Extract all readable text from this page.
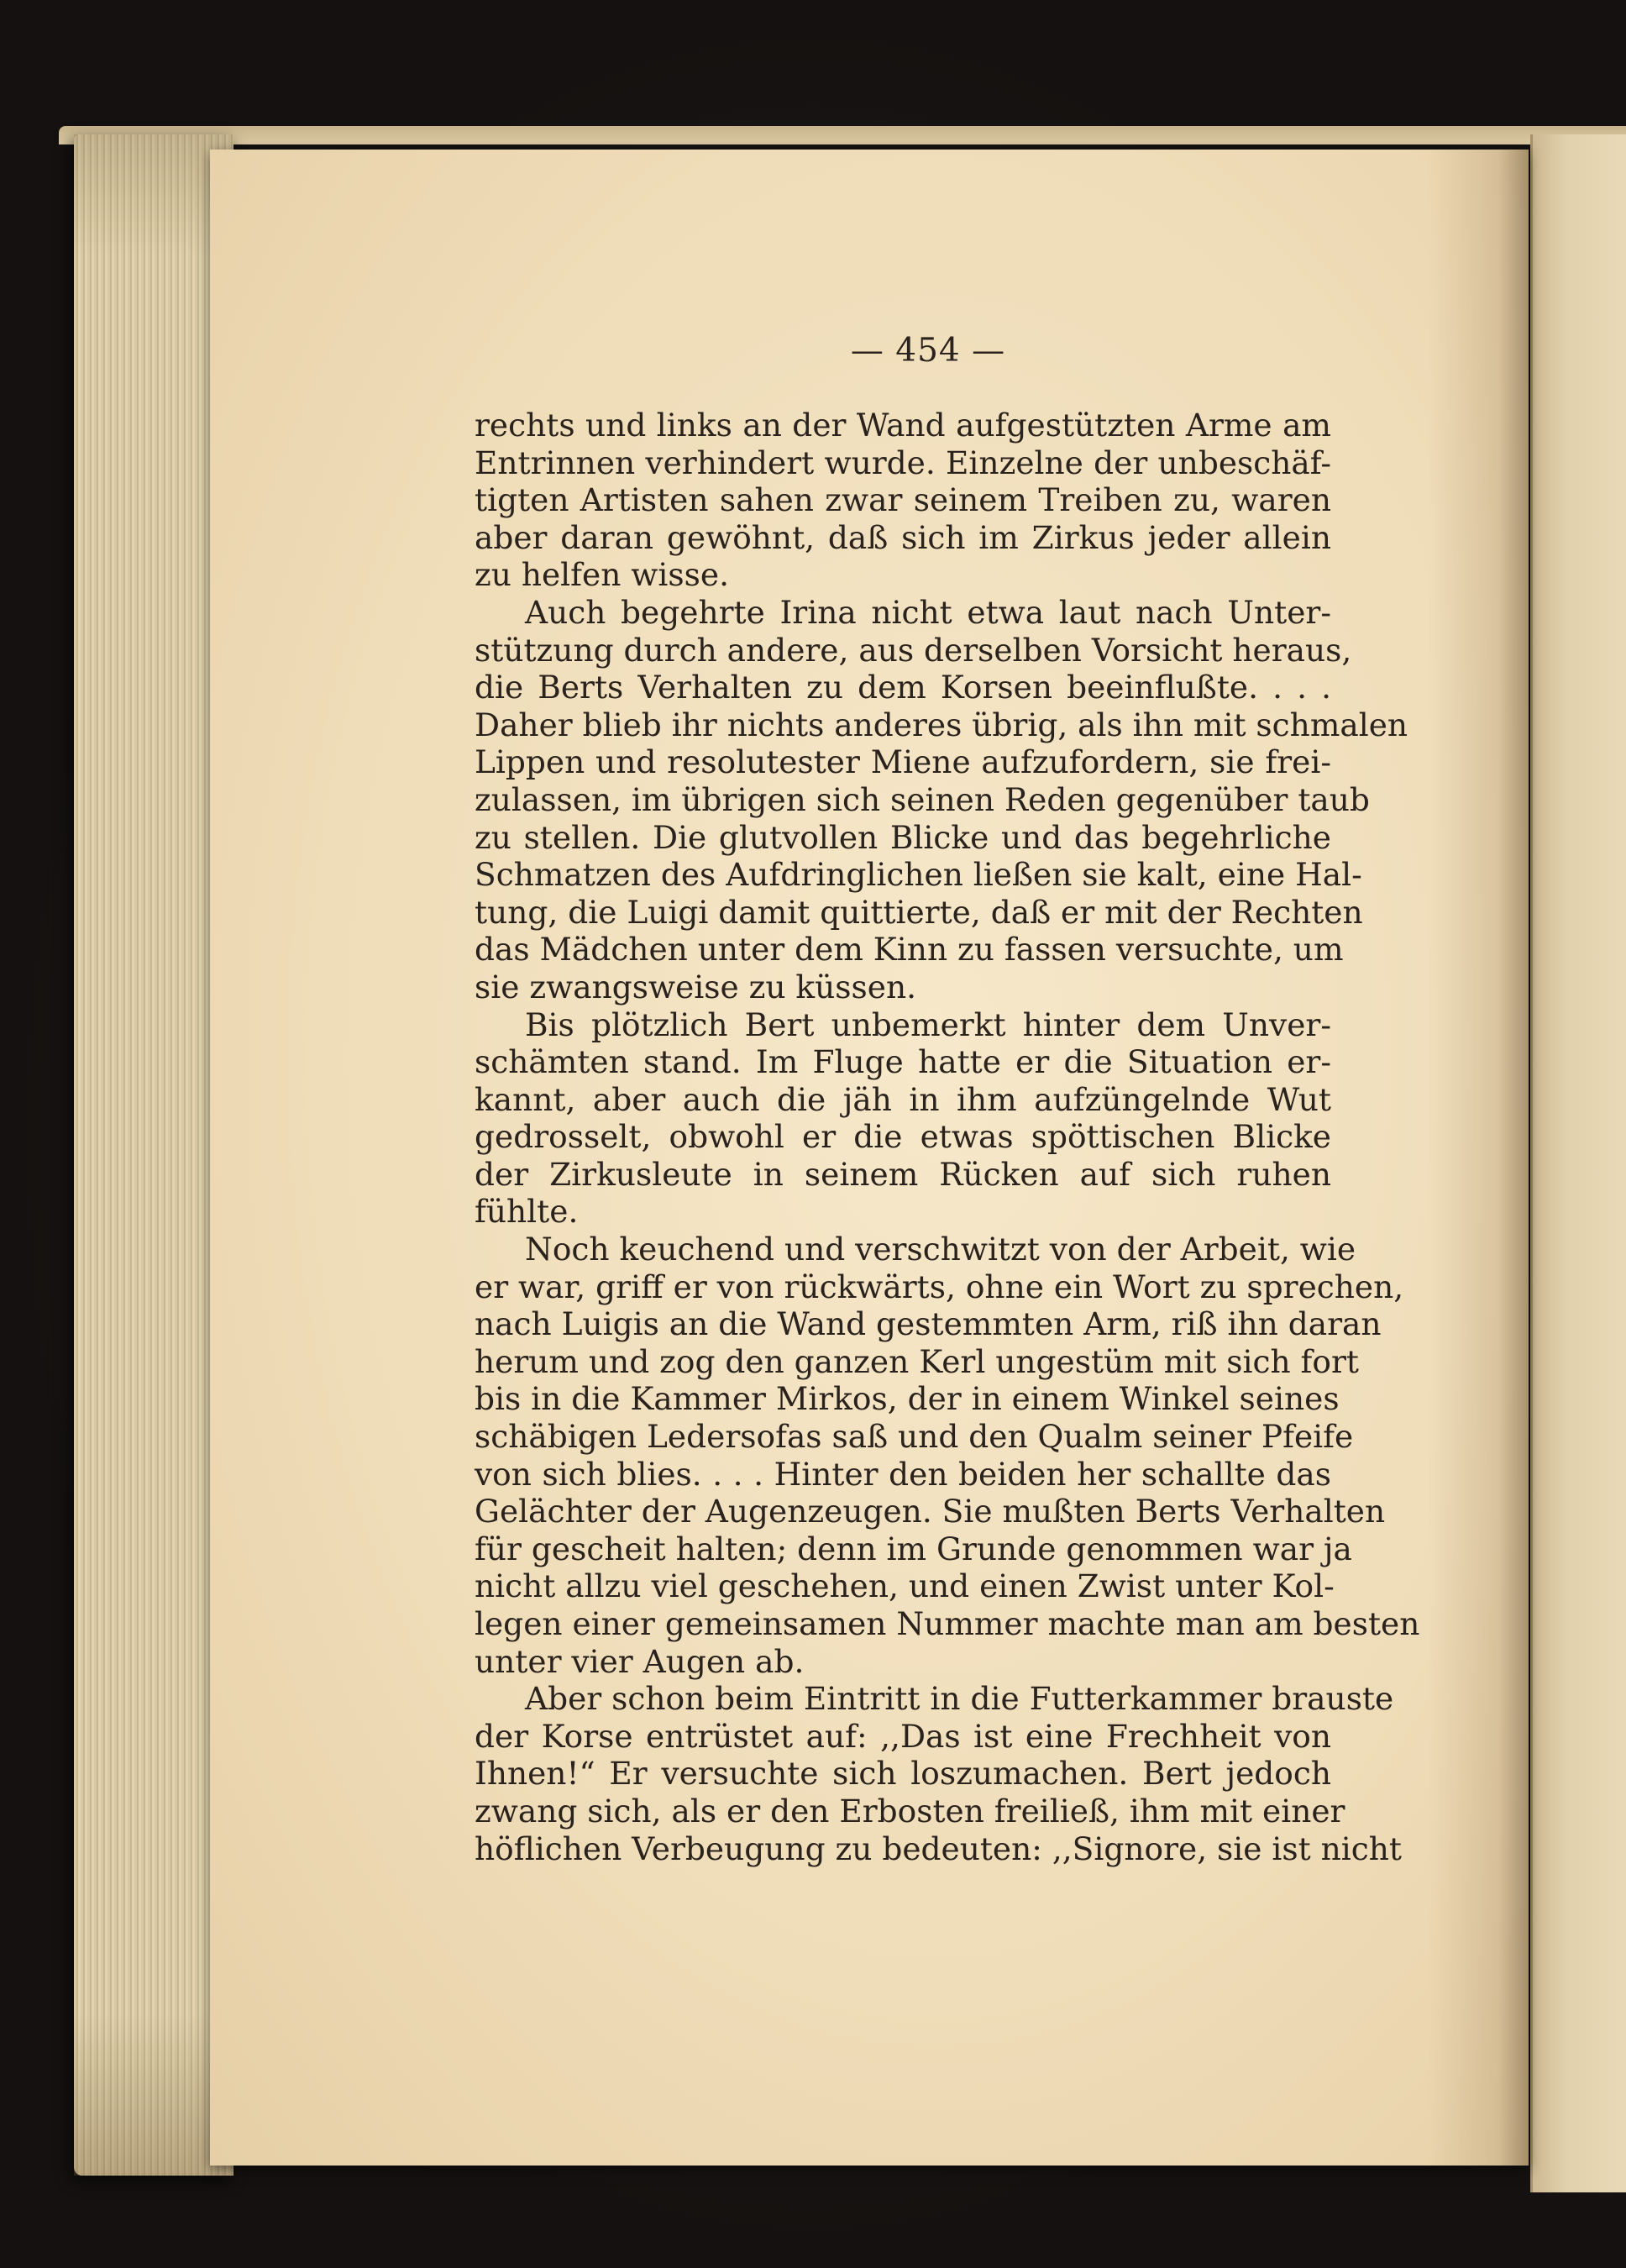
— 454 —

rechts und links an der Wand aufgestützten Arme am
Entrinnen verhindert wurde. Einzelne der unbeschäf-
tigten Artisten sahen zwar seinem Treiben zu, waren
aber daran gewöhnt, daß sich im Zirkus jeder allein
zu helfen wisse.

Auch begehrte Irina nicht etwa laut nach Unter-
stützung durch andere, aus derselben Vorsicht heraus,
die Berts Verhalten zu dem Korsen beeinflußte. . . .
Daher blieb ihr nichts anderes übrig, als ihn mit schmalen
Lippen und resolutester Miene aufzufordern, sie frei-
zulassen, im übrigen sich seinen Reden gegenüber taub
zu stellen. Die glutvollen Blicke und das begehrliche
Schmatzen des Aufdringlichen ließen sie kalt, eine Hal-
tung, die Luigi damit quittierte, daß er mit der Rechten
das Mädchen unter dem Kinn zu fassen versuchte, um
sie zwangsweise zu küssen.

Bis plötzlich Bert unbemerkt hinter dem Unver-
schämten stand. Im Fluge hatte er die Situation er-
kannt, aber auch die jäh in ihm aufzüngelnde Wut
gedrosselt, obwohl er die etwas spöttischen Blicke
der Zirkusleute in seinem Rücken auf sich ruhen
fühlte.

Noch keuchend und verschwitzt von der Arbeit, wie
er war, griff er von rückwärts, ohne ein Wort zu sprechen,
nach Luigis an die Wand gestemmten Arm, riß ihn daran
herum und zog den ganzen Kerl ungestüm mit sich fort
bis in die Kammer Mirkos, der in einem Winkel seines
schäbigen Ledersofas saß und den Qualm seiner Pfeife
von sich blies. . . . Hinter den beiden her schallte das
Gelächter der Augenzeugen. Sie mußten Berts Verhalten
für gescheit halten; denn im Grunde genommen war ja
nicht allzu viel geschehen, und einen Zwist unter Kol-
legen einer gemeinsamen Nummer machte man am besten
unter vier Augen ab.

Aber schon beim Eintritt in die Futterkammer brauste
der Korse entrüstet auf: ,,Das ist eine Frechheit von
Ihnen!“ Er versuchte sich loszumachen. Bert jedoch
zwang sich, als er den Erbosten freiließ, ihm mit einer
höflichen Verbeugung zu bedeuten: ,,Signore, sie ist nicht
